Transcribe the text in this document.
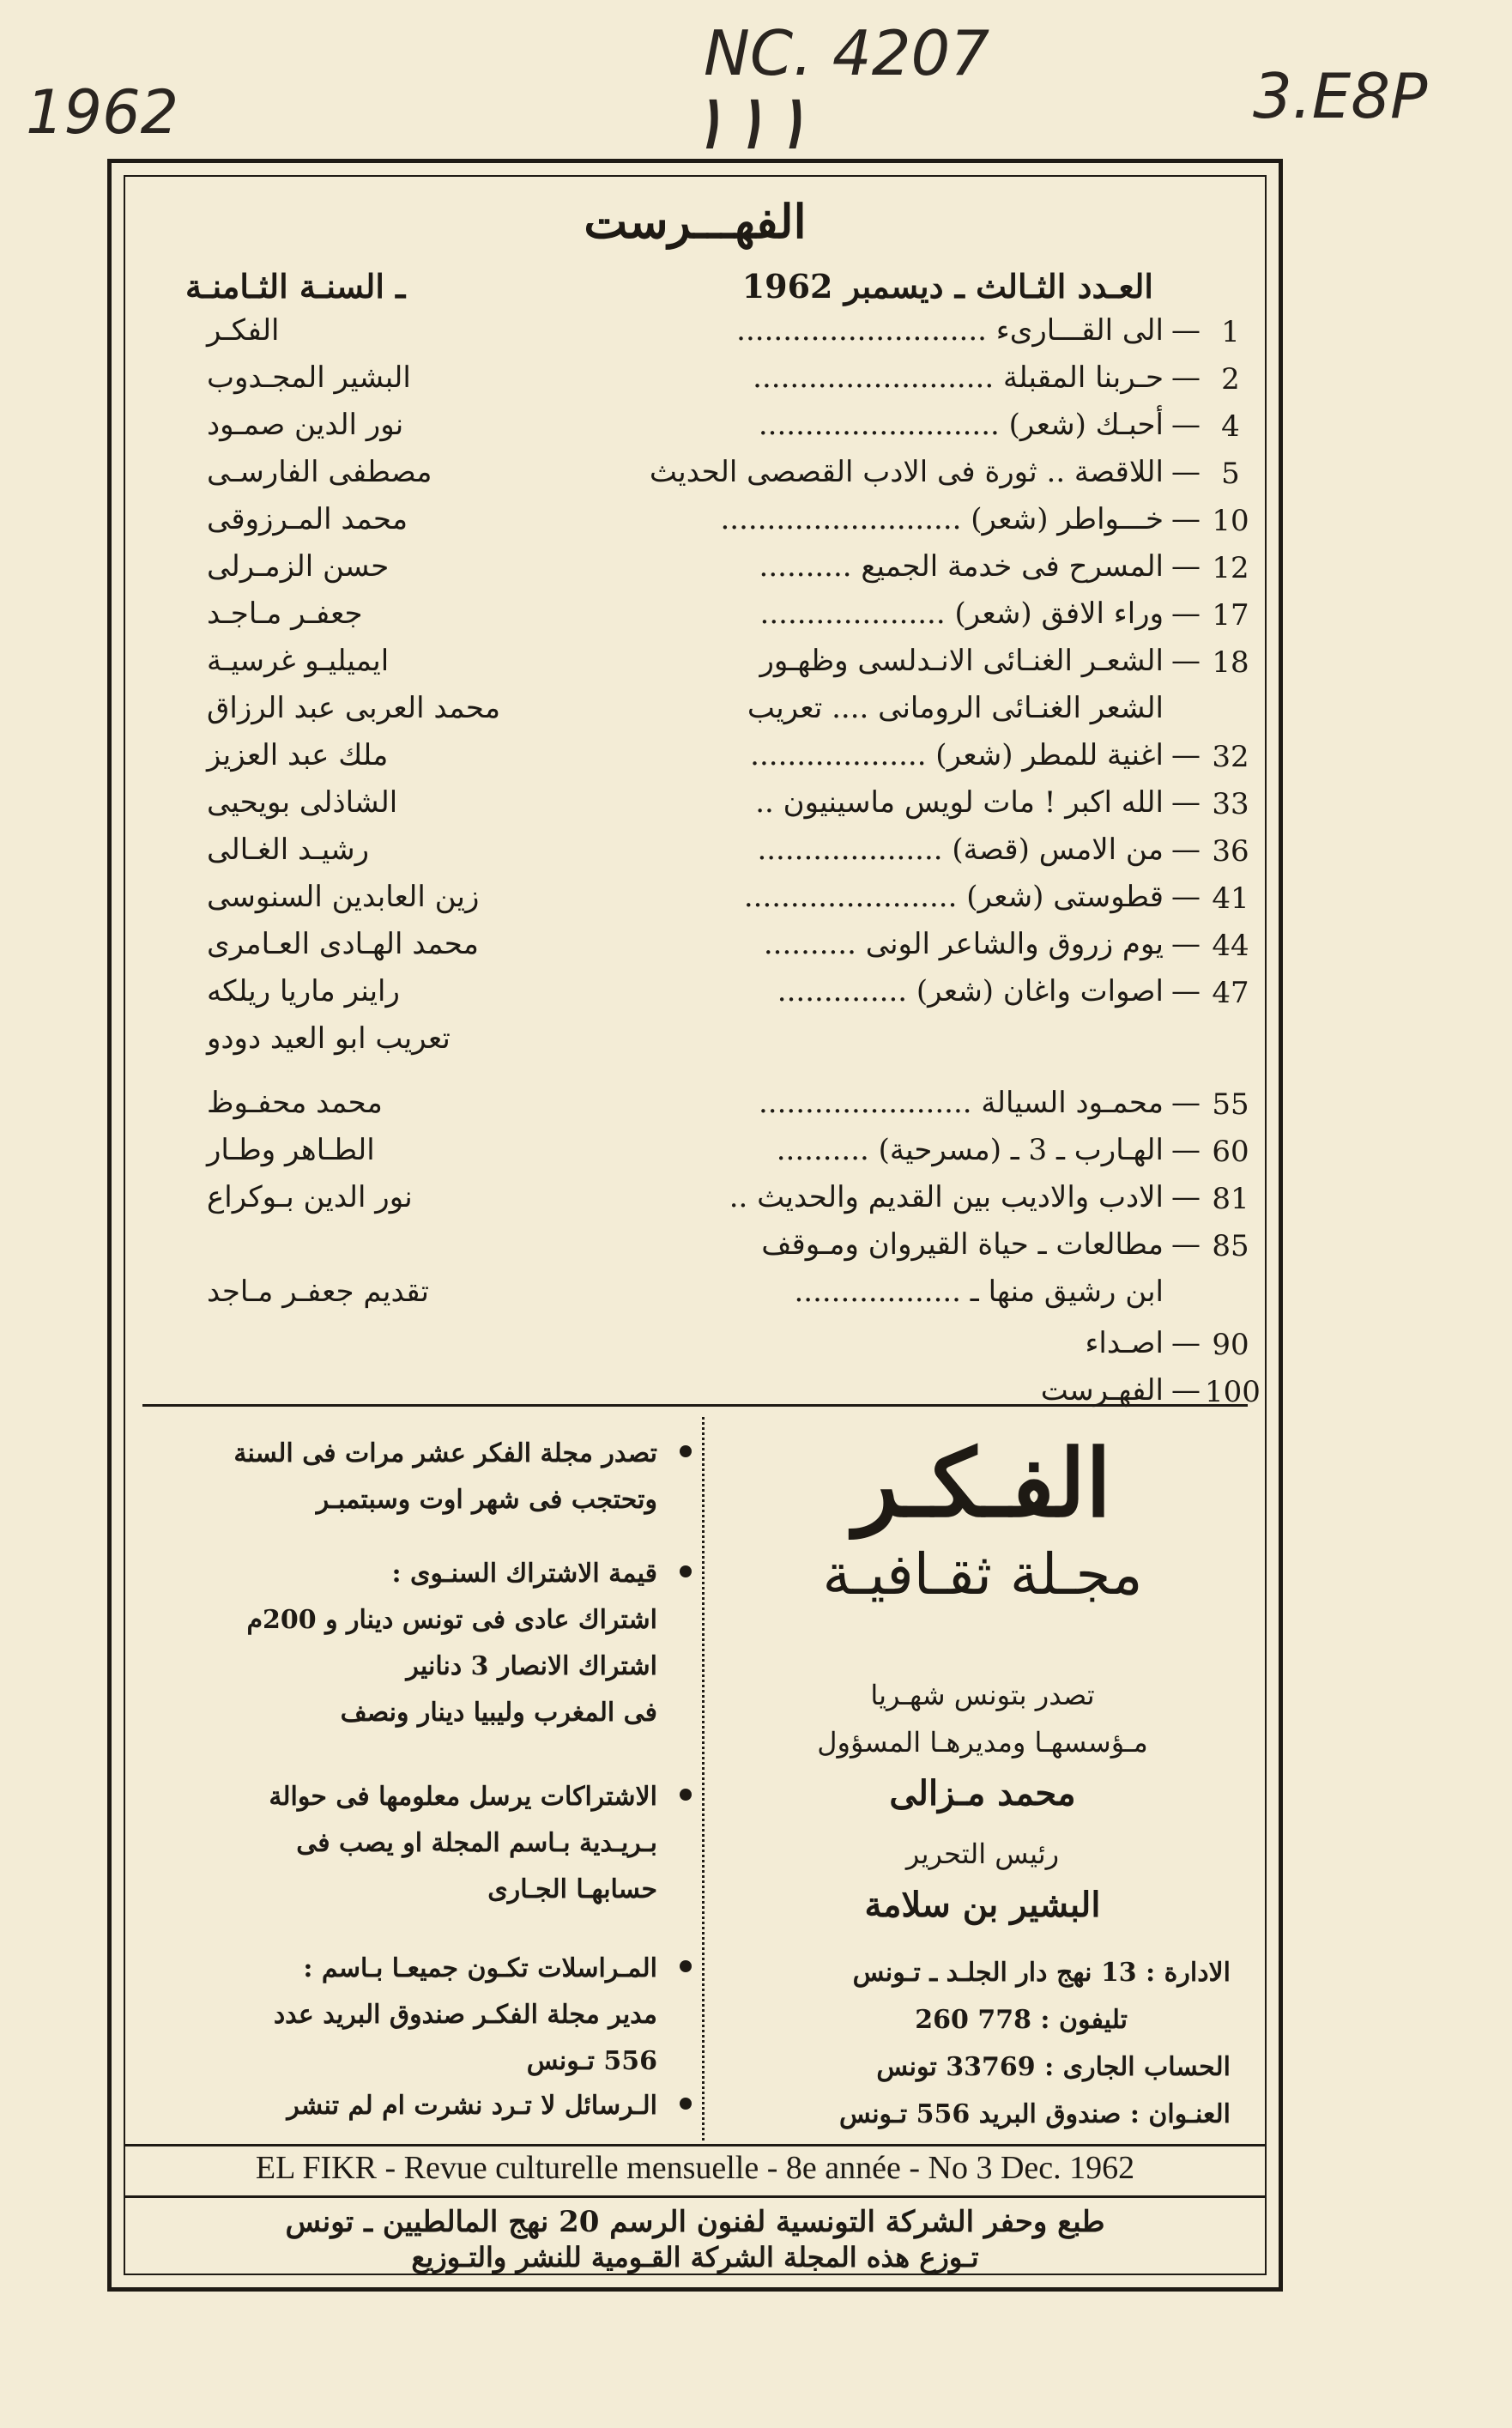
1962
NC. 4207
١١١	3.E8P
الفهـــرست
العـدد الثـالث ـ ديسمبر 1962
ـ السنـة الثـامنـة
1
—
الى القـــارىء ...........................
الفكـر
2
—
حـربنا المقبلة ..........................
البشير المجـدوب
4
—
أحبـك (شعر) ..........................
نور الدين صمـود
5
—
اللاقصة .. ثورة فى الادب القصصى الحديث
مصطفى الفارسـى
10
—
خـــواطر (شعر) ..........................
محمد المـرزوقى
12
—
المسرح فى خدمة الجميع ..........
حسن الزمـرلى
17
—
وراء الافق (شعر) ....................
جعفـر مـاجـد
18
—
الشعـر الغنـائى الانـدلسى وظهـور
ايميليـو غرسيـة
الشعر الغنـائى الرومانى .... تعريب
محمد العربى عبد الرزاق
32
—
اغنية للمطر (شعر) ...................
ملك عبد العزيز
33
—
الله اكبر ! مات لويس ماسينيون ..
الشاذلى بويحيى
36
—
من الامس (قصة) ....................
رشيـد الغـالى
41
—
قطوستى (شعر) .......................
زين العابدين السنوسى
44
—
يوم زروق والشاعر الونى ..........
محمد الهـادى العـامرى
47
—
اصوات واغان (شعر) ..............
راينر ماريا ريلكه
تعريب ابو العيد دودو
55
—
محمـود السيالة .......................
محمد محفـوظ
60
—
الهـارب ـ 3 ـ (مسرحية) ..........
الطـاهر وطـار
81
—
الادب والاديب بين القديم والحديث ..
نور الدين بـوكراع
85
—
مطالعات ـ حياة القيروان ومـوقف
ابن رشيق منها ـ ..................
تقديم جعفـر مـاجد
90
—
اصـداء
100
—
الفهـرست
الفـكـر
مجـلة ثقـافيـة
تصدر بتونس شهـريا
مـؤسسهـا ومديرهـا المسؤول
محمد مـزالى
رئيس التحرير
البشير بن سلامة
الادارة : 13 نهج دار الجلـد ـ تـونس
تليفون : 778 260
الحساب الجارى : 33769 تونس
العنـوان : صندوق البريد 556 تـونس
تصدر مجلة الفكر عشر مرات فى السنة
وتحتجب فى شهر اوت وسبتمبـر
قيمة الاشتراك السنـوى :
اشتراك عادى فى تونس دينار و 200م
اشتراك الانصار 3 دنانير
فى المغرب وليبيا دينار ونصف
الاشتراكات يرسل معلومها فى حوالة
بـريـدية بـاسم المجلة او يصب فى
حسابهـا الجـارى
المـراسلات تكـون جميعـا بـاسم :
مدير مجلة الفكـر صندوق البريد عدد
556 تـونس
الـرسائل لا تـرد نشرت ام لم تنشر
EL FIKR - Revue culturelle mensuelle - 8e année - No 3 Dec. 1962
طبع وحفر الشركة التونسية لفنون الرسم 20 نهج المالطيين ـ تونس
تـوزع هذه المجلة الشركة القـومية للنشر والتـوزيع
